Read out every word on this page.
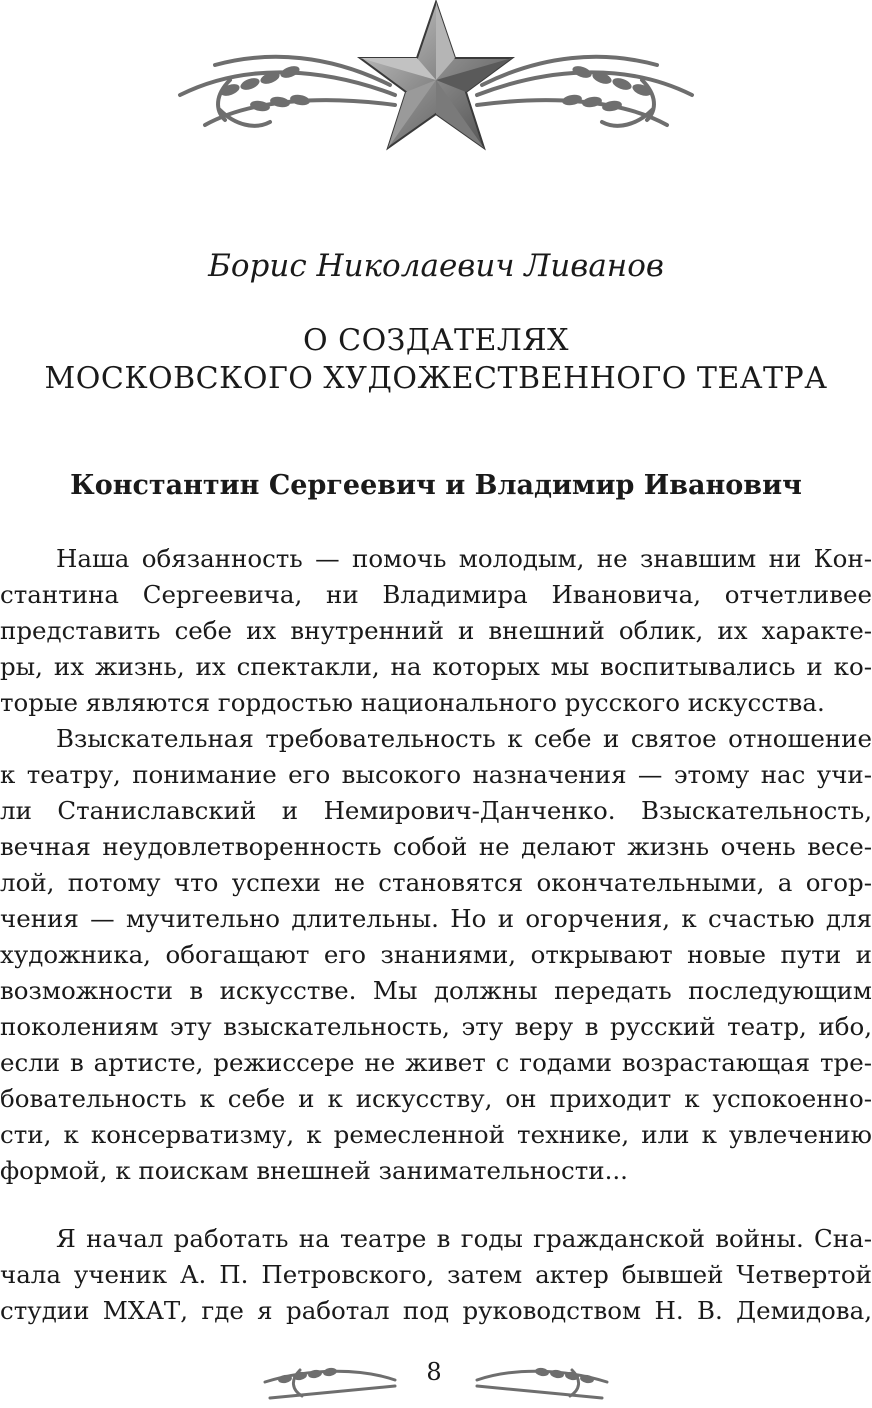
Борис Николаевич Ливанов
О СОЗДАТЕЛЯХ
МОСКОВСКОГО ХУДОЖЕСТВЕННОГО ТЕАТРА
Константин Сергеевич и Владимир Иванович
Наша обязанность — помочь молодым, не знавшим ни Кон-
стантина Сергеевича, ни Владимира Ивановича, отчетливее
представить себе их внутренний и внешний облик, их характе-
ры, их жизнь, их спектакли, на которых мы воспитывались и ко-
торые являются гордостью национального русского искусства.
Взыскательная требовательность к себе и святое отношение
к театру, понимание его высокого назначения — этому нас учи-
ли Станиславский и Немирович-Данченко. Взыскательность,
вечная неудовлетворенность собой не делают жизнь очень весе-
лой, потому что успехи не становятся окончательными, а огор-
чения — мучительно длительны. Но и огорчения, к счастью для
художника, обогащают его знаниями, открывают новые пути и
возможности в искусстве. Мы должны передать последующим
поколениям эту взыскательность, эту веру в русский театр, ибо,
если в артисте, режиссере не живет с годами возрастающая тре-
бовательность к себе и к искусству, он приходит к успокоенно-
сти, к консерватизму, к ремесленной технике, или к увлечению
формой, к поискам внешней занимательности...
Я начал работать на театре в годы гражданской войны. Сна-
чала ученик А. П. Петровского, затем актер бывшей Четвертой
студии МХАТ, где я работал под руководством Н. В. Демидова,
8
